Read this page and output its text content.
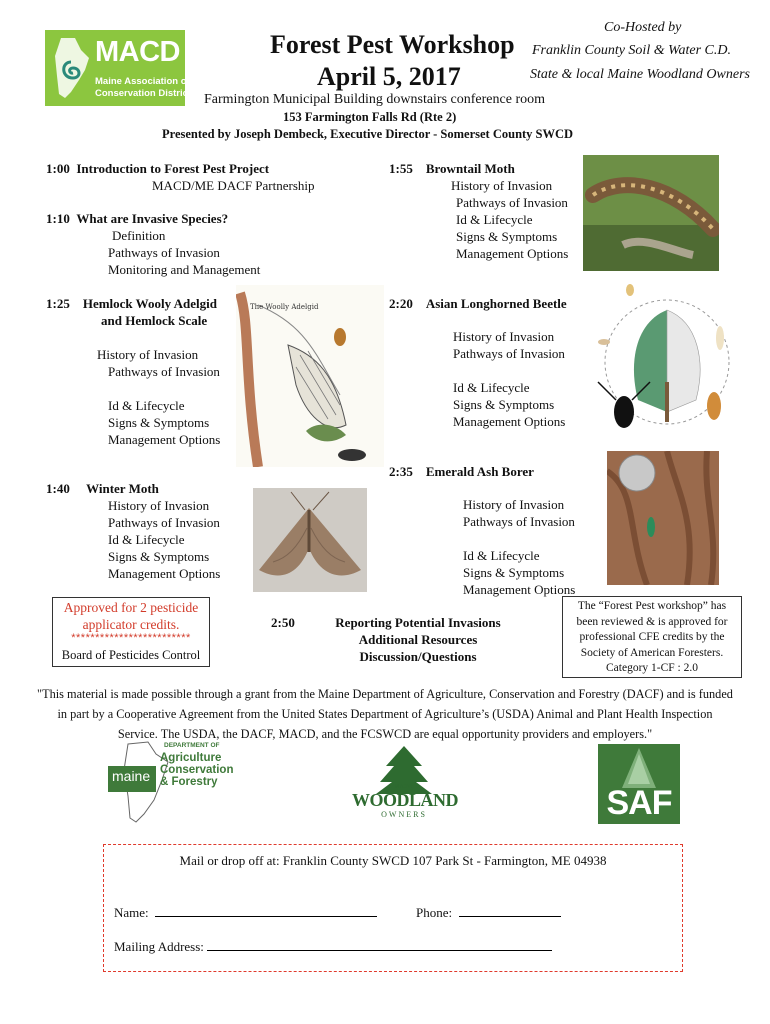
MACD
Maine Association of
Conservation Districts
Forest Pest Workshop
April 5, 2017
Co-Hosted by
Franklin County Soil & Water C.D.
State & local Maine Woodland Owners
Farmington Municipal Building downstairs conference room
153 Farmington Falls Rd (Rte 2)
Presented by Joseph Dembeck, Executive Director - Somerset County SWCD
1:00 Introduction to Forest Pest Project
MACD/ME DACF Partnership
1:10 What are Invasive Species?
Definition
Pathways of Invasion
Monitoring and Management
1:25 Hemlock Wooly Adelgid
and Hemlock Scale
History of Invasion
Pathways of Invasion
Id & Lifecycle
Signs & Symptoms
Management Options
1:40 Winter Moth
History of Invasion
Pathways of Invasion
Id & Lifecycle
Signs & Symptoms
Management Options
The Woolly Adelgid
1:55 Browntail Moth
History of Invasion
Pathways of Invasion
Id & Lifecycle
Signs & Symptoms
Management Options
2:20 Asian Longhorned Beetle
History of Invasion
Pathways of Invasion
Id & Lifecycle
Signs & Symptoms
Management Options
2:35 Emerald Ash Borer
History of Invasion
Pathways of Invasion
Id & Lifecycle
Signs & Symptoms
Management Options
2:50	Reporting Potential Invasions
Additional Resources
Discussion/Questions
Approved for 2 pesticide
applicator credits.
*************************
Board of Pesticides Control
The “Forest Pest workshop” has
been reviewed & is approved for
professional CFE credits by the
Society of American Foresters.
Category 1-CF : 2.0
"This material is made possible through a grant from the Maine Department of Agriculture, Conservation and Forestry (DACF) and is funded
in part by a Cooperative Agreement from the United States Department of Agriculture’s (USDA) Animal and Plant Health Inspection
Service. The USDA, the DACF, MACD, and the FCSWCD are equal opportunity providers and employers."
DEPARTMENT OF
maine
Agriculture
Conservation
& Forestry	MAINE
WOODLAND
OWNERS	SAF
Mail or drop off at: Franklin County SWCD 107 Park St - Farmington, ME 04938
Name:	Phone:
Mailing Address:
